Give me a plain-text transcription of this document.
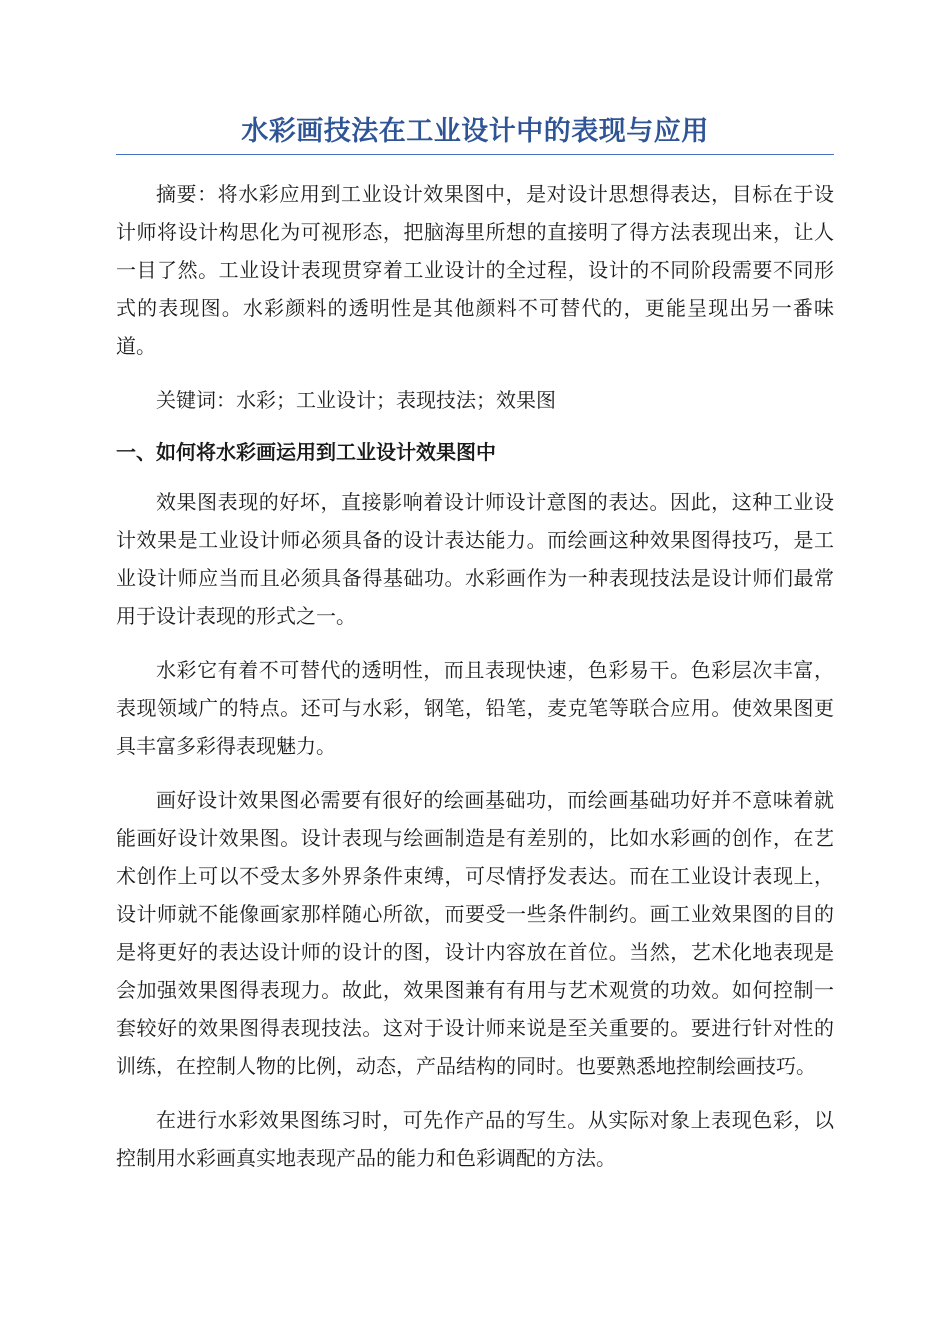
水彩画技法在工业设计中的表现与应用

摘要：将水彩应用到工业设计效果图中，是对设计思想得表达，目标在于设计师将设计构思化为可视形态，把脑海里所想的直接明了得方法表现出来，让人一目了然。工业设计表现贯穿着工业设计的全过程，设计的不同阶段需要不同形式的表现图。水彩颜料的透明性是其他颜料不可替代的，更能呈现出另一番味道。

关键词：水彩；工业设计；表现技法；效果图

一、如何将水彩画运用到工业设计效果图中

效果图表现的好坏，直接影响着设计师设计意图的表达。因此，这种工业设计效果是工业设计师必须具备的设计表达能力。而绘画这种效果图得技巧，是工业设计师应当而且必须具备得基础功。水彩画作为一种表现技法是设计师们最常用于设计表现的形式之一。

水彩它有着不可替代的透明性，而且表现快速，色彩易干。色彩层次丰富，表现领域广的特点。还可与水彩，钢笔，铅笔，麦克笔等联合应用。使效果图更具丰富多彩得表现魅力。

画好设计效果图必需要有很好的绘画基础功，而绘画基础功好并不意味着就能画好设计效果图。设计表现与绘画制造是有差别的，比如水彩画的创作，在艺术创作上可以不受太多外界条件束缚，可尽情抒发表达。而在工业设计表现上，设计师就不能像画家那样随心所欲，而要受一些条件制约。画工业效果图的目的是将更好的表达设计师的设计的图，设计内容放在首位。当然，艺术化地表现是会加强效果图得表现力。故此，效果图兼有有用与艺术观赏的功效。如何控制一套较好的效果图得表现技法。这对于设计师来说是至关重要的。要进行针对性的训练，在控制人物的比例，动态，产品结构的同时。也要熟悉地控制绘画技巧。

在进行水彩效果图练习时，可先作产品的写生。从实际对象上表现色彩，以控制用水彩画真实地表现产品的能力和色彩调配的方法。
